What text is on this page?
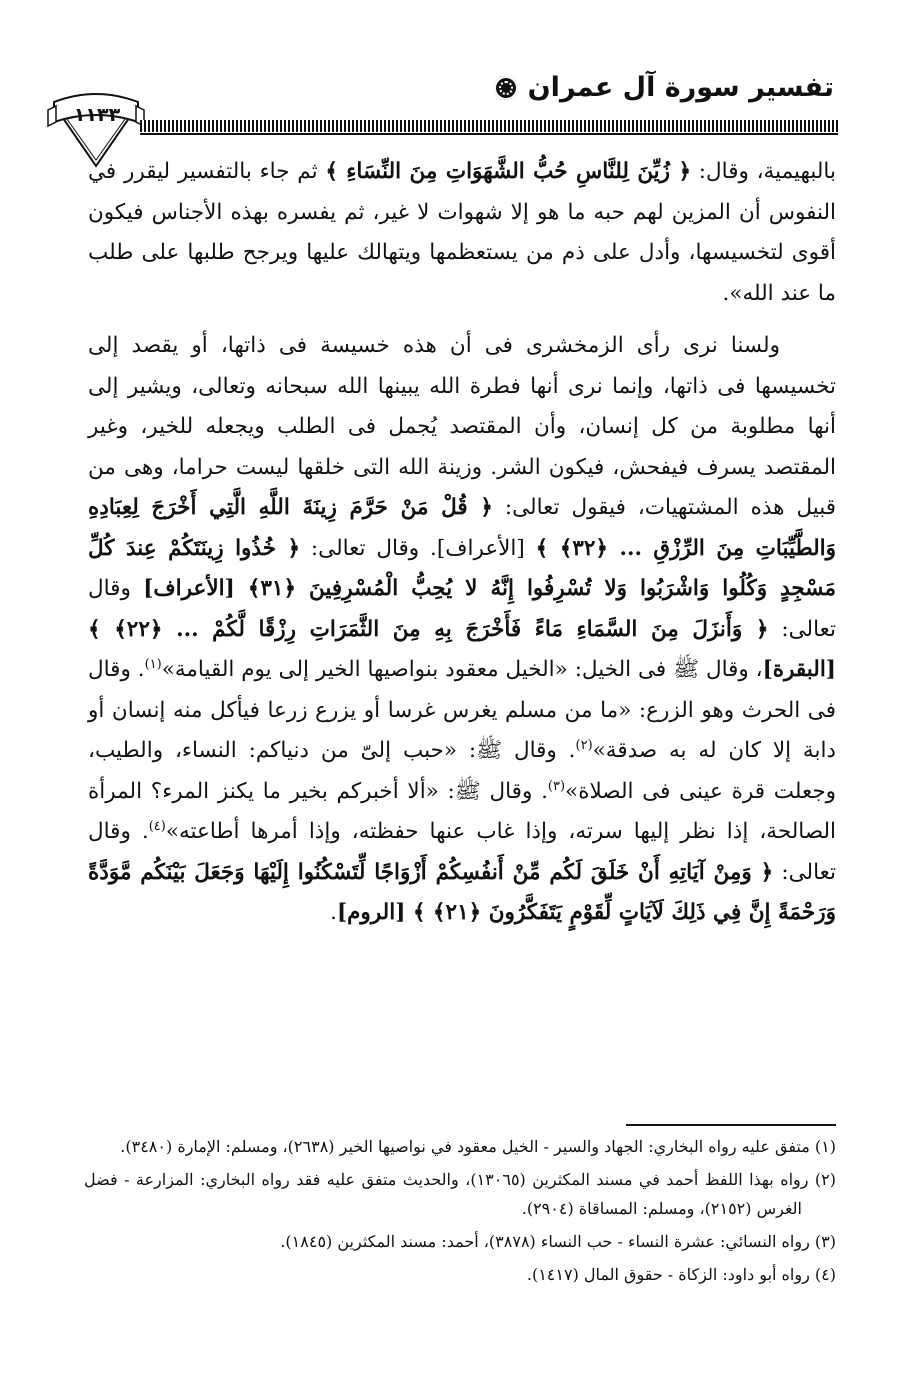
١١٣٣
تفسير سورة آل عمران

بالبهيمية، وقال: ﴿ زُيِّنَ لِلنَّاسِ حُبُّ الشَّهَوَاتِ مِنَ النِّسَاءِ ﴾ ثم جاء بالتفسير ليقرر في النفوس أن المزين لهم حبه ما هو إلا شهوات لا غير، ثم يفسره بهذه الأجناس فيكون أقوى لتخسيسها، وأدل على ذم من يستعظمها ويتهالك عليها ويرجح طلبها على طلب ما عند الله».

ولسنا نرى رأى الزمخشرى فى أن هذه خسيسة فى ذاتها، أو يقصد إلى تخسيسها فى ذاتها، وإنما نرى أنها فطرة الله يبينها الله سبحانه وتعالى، ويشير إلى أنها مطلوبة من كل إنسان، وأن المقتصد يُجمل فى الطلب ويجعله للخير، وغير المقتصد يسرف فيفحش، فيكون الشر. وزينة الله التى خلقها ليست حراما، وهى من قبيل هذه المشتهيات، فيقول تعالى: ﴿ قُلْ مَنْ حَرَّمَ زِينَةَ اللَّهِ الَّتِي أَخْرَجَ لِعِبَادِهِ وَالطَّيِّبَاتِ مِنَ الرِّزْقِ ... ﴿٣٢﴾ ﴾ [الأعراف]. وقال تعالى: ﴿ خُذُوا زِينَتَكُمْ عِندَ كُلِّ مَسْجِدٍ وَكُلُوا وَاشْرَبُوا وَلا تُسْرِفُوا إِنَّهُ لا يُحِبُّ الْمُسْرِفِينَ ﴿٣١﴾ [الأعراف] وقال تعالى: ﴿ وَأَنزَلَ مِنَ السَّمَاءِ مَاءً فَأَخْرَجَ بِهِ مِنَ الثَّمَرَاتِ رِزْقًا لَّكُمْ ... ﴿٢٢﴾ ﴾ [البقرة]، وقال ﷺ فى الخيل: «الخيل معقود بنواصيها الخير إلى يوم القيامة»$^{(١)}$. وقال فى الحرث وهو الزرع: «ما من مسلم يغرس غرسا أو يزرع زرعا فيأكل منه إنسان أو دابة إلا كان له به صدقة»$^{(٢)}$. وقال ﷺ: «حبب إلىّ من دنياكم: النساء، والطيب، وجعلت قرة عينى فى الصلاة»$^{(٣)}$. وقال ﷺ: «ألا أخبركم بخير ما يكنز المرء؟ المرأة الصالحة، إذا نظر إليها سرته، وإذا غاب عنها حفظته، وإذا أمرها أطاعته»$^{(٤)}$. وقال تعالى: ﴿ وَمِنْ آيَاتِهِ أَنْ خَلَقَ لَكُم مِّنْ أَنفُسِكُمْ أَزْوَاجًا لِّتَسْكُنُوا إِلَيْهَا وَجَعَلَ بَيْنَكُم مَّوَدَّةً وَرَحْمَةً إِنَّ فِي ذَلِكَ لَآيَاتٍ لِّقَوْمٍ يَتَفَكَّرُونَ ﴿٢١﴾ ﴾ [الروم].

(١) متفق عليه رواه البخاري: الجهاد والسير - الخيل معقود في نواصيها الخير (٢٦٣٨)، ومسلم: الإمارة (٣٤٨٠).

(٢) رواه بهذا اللفظ أحمد في مسند المكثرين (١٣٠٦٥)، والحديث متفق عليه فقد رواه البخاري: المزارعة - فضل الغرس (٢١٥٢)، ومسلم: المساقاة (٢٩٠٤).

(٣) رواه النسائي: عشرة النساء - حب النساء (٣٨٧٨)، أحمد: مسند المكثرين (١٨٤٥).

(٤) رواه أبو داود: الزكاة - حقوق المال (١٤١٧).
